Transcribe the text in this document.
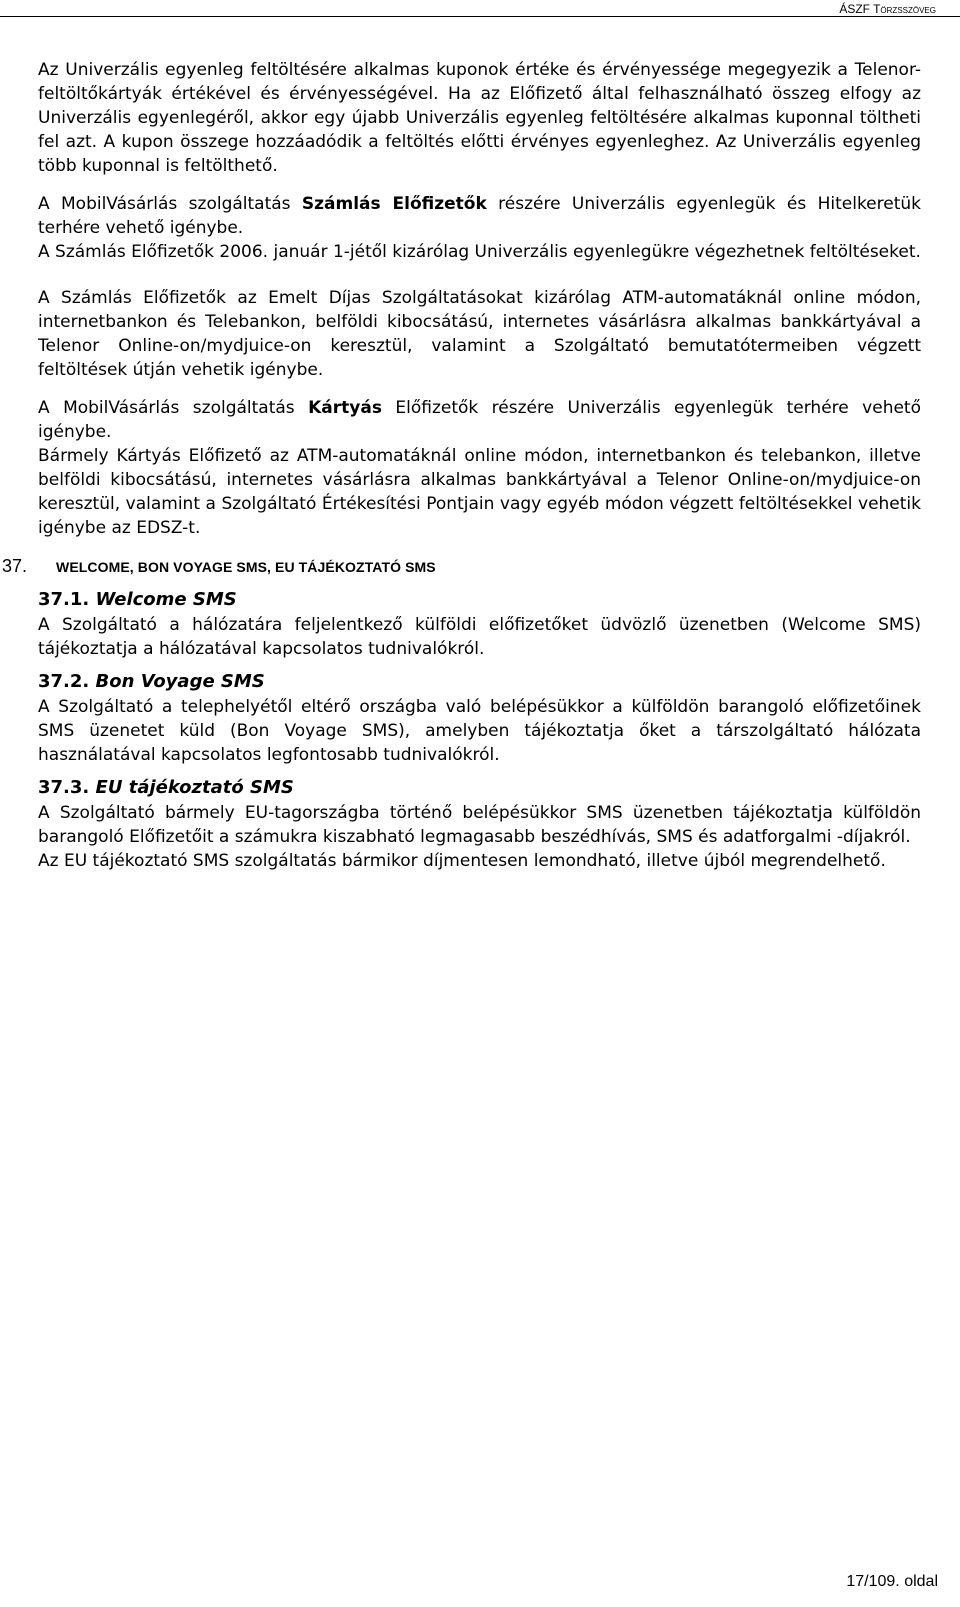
ÁSZF Törzsszöveg

Az Univerzális egyenleg feltöltésére alkalmas kuponok értéke és érvényessége megegyezik a Telenor-feltöltőkártyák értékével és érvényességével. Ha az Előfizető által felhasználható összeg elfogy az Univerzális egyenlegéről, akkor egy újabb Univerzális egyenleg feltöltésére alkalmas kuponnal töltheti fel azt. A kupon összege hozzáadódik a feltöltés előtti érvényes egyenleghez. Az Univerzális egyenleg több kuponnal is feltölthető.

A MobilVásárlás szolgáltatás Számlás Előfizetők részére Univerzális egyenlegük és Hitelkeretük terhére vehető igénybe.

A Számlás Előfizetők 2006. január 1-jétől kizárólag Univerzális egyenlegükre végezhetnek feltöltéseket.

A Számlás Előfizetők az Emelt Díjas Szolgáltatásokat kizárólag ATM-automatáknál online módon, internetbankon és Telebankon, belföldi kibocsátású, internetes vásárlásra alkalmas bankkártyával a Telenor Online-on/mydjuice-on keresztül, valamint a Szolgáltató bemutatótermeiben végzett feltöltések útján vehetik igénybe.

A MobilVásárlás szolgáltatás Kártyás Előfizetők részére Univerzális egyenlegük terhére vehető igénybe.

Bármely Kártyás Előfizető az ATM-automatáknál online módon, internetbankon és telebankon, illetve belföldi kibocsátású, internetes vásárlásra alkalmas bankkártyával a Telenor Online-on/mydjuice-on keresztül, valamint a Szolgáltató Értékesítési Pontjain vagy egyéb módon végzett feltöltésekkel vehetik igénybe az EDSZ-t.

37.	WELCOME, BON VOYAGE SMS, EU TÁJÉKOZTATÓ SMS
37.1. Welcome SMS

A Szolgáltató a hálózatára feljelentkező külföldi előfizetőket üdvözlő üzenetben (Welcome SMS) tájékoztatja a hálózatával kapcsolatos tudnivalókról.

37.2. Bon Voyage SMS

A Szolgáltató a telephelyétől eltérő országba való belépésükkor a külföldön barangoló előfizetőinek SMS üzenetet küld (Bon Voyage SMS), amelyben tájékoztatja őket a társzolgáltató hálózata használatával kapcsolatos legfontosabb tudnivalókról.

37.3. EU tájékoztató SMS

A Szolgáltató bármely EU-tagországba történő belépésükkor SMS üzenetben tájékoztatja külföldön barangoló Előfizetőit a számukra kiszabható legmagasabb beszédhívás, SMS és adatforgalmi -díjakról.

Az EU tájékoztató SMS szolgáltatás bármikor díjmentesen lemondható, illetve újból megrendelhető.

17/109. oldal
